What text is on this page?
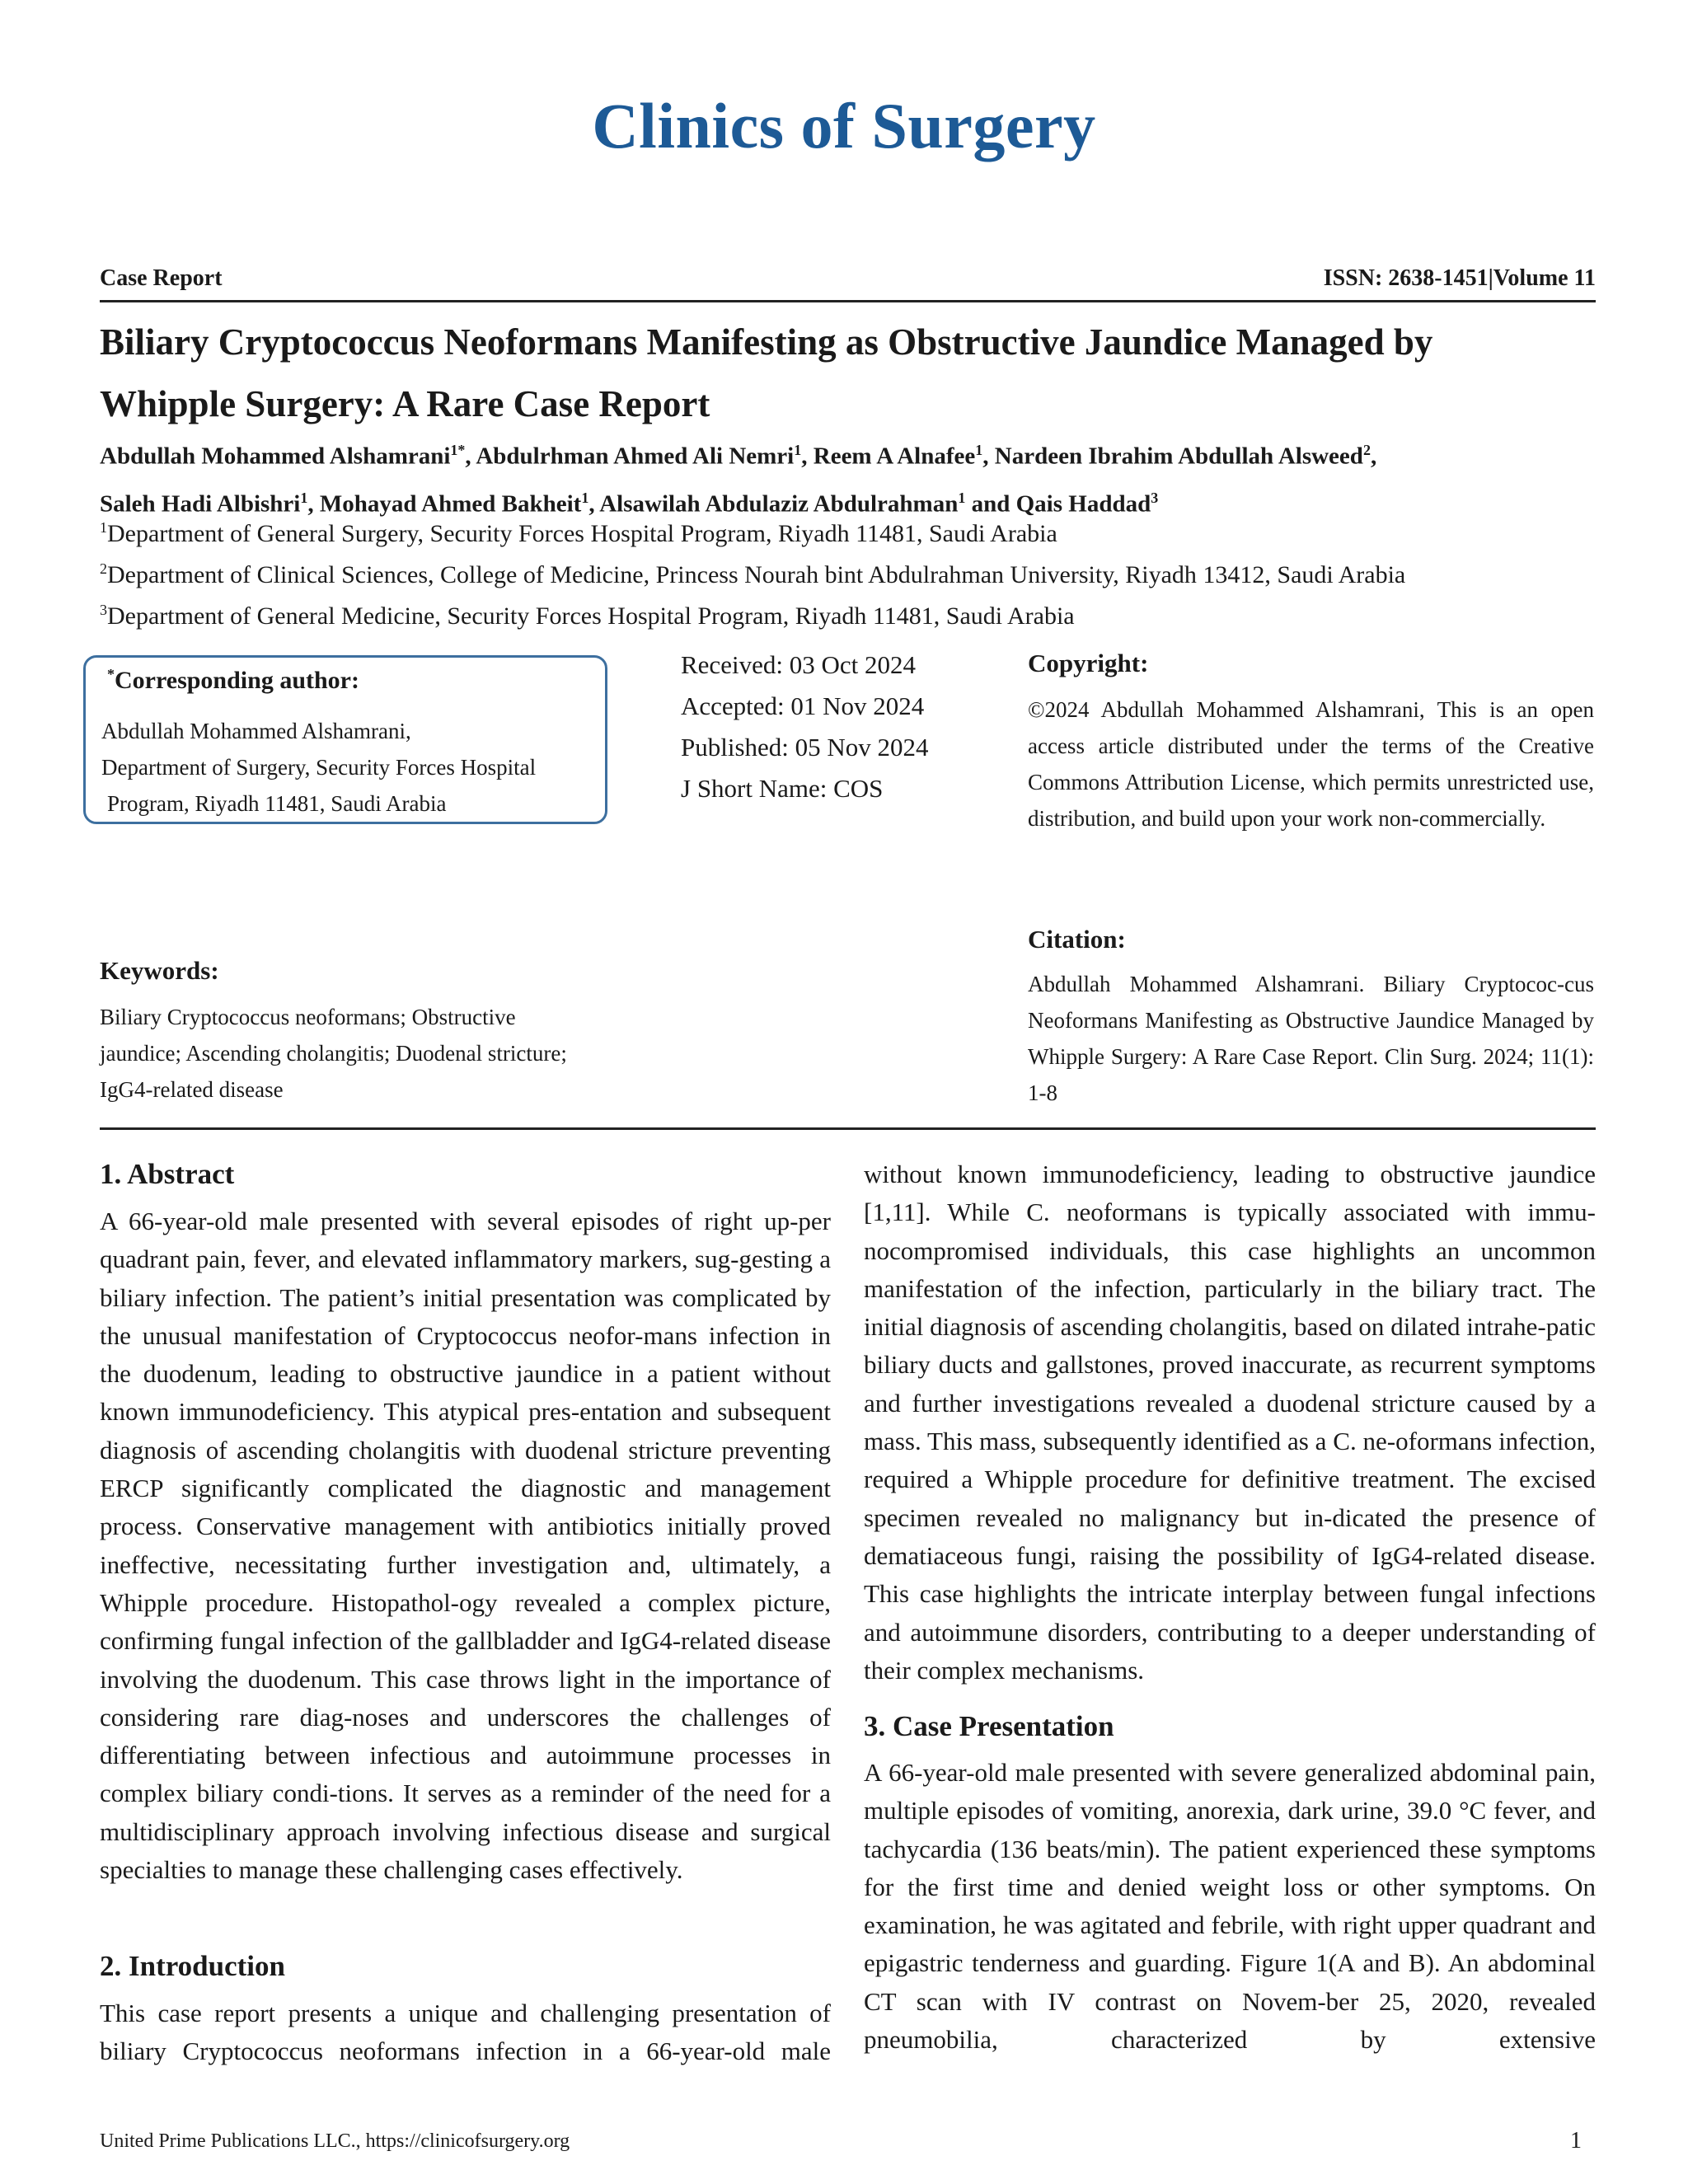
Clinics of Surgery
Case Report	ISSN: 2638-1451|Volume 11
Biliary Cryptococcus Neoformans Manifesting as Obstructive Jaundice Managed by
Whipple Surgery: A Rare Case Report
Abdullah Mohammed Alshamrani$^{1*}$, Abdulrhman Ahmed Ali Nemri$^1$, Reem A Alnafee$^1$, Nardeen Ibrahim Abdullah Alsweed$^2$,
Saleh Hadi Albishri$^1$, Mohayad Ahmed Bakheit$^1$, Alsawilah Abdulaziz Abdulrahman$^1$ and Qais Haddad$^3$
$^1$Department of General Surgery, Security Forces Hospital Program, Riyadh 11481, Saudi Arabia
$^2$Department of Clinical Sciences, College of Medicine, Princess Nourah bint Abdulrahman University, Riyadh 13412, Saudi Arabia
$^3$Department of General Medicine, Security Forces Hospital Program, Riyadh 11481, Saudi Arabia
*Corresponding author:
Abdullah Mohammed Alshamrani,
Department of Surgery, Security Forces Hospital
Program, Riyadh 11481, Saudi Arabia
Received: 03 Oct 2024
Accepted: 01 Nov 2024
Published: 05 Nov 2024
J Short Name: COS
Copyright:
©2024 Abdullah Mohammed Alshamrani, This is an open access article distributed under the terms of the Creative Commons Attribution License, which permits unrestricted use, distribution, and build upon your work non-commercially.
Citation:
Abdullah Mohammed Alshamrani. Biliary Cryptococ-cus Neoformans Manifesting as Obstructive Jaundice Managed by Whipple Surgery: A Rare Case Report. Clin Surg. 2024; 11(1): 1-8
Keywords:
Biliary Cryptococcus neoformans; Obstructive jaundice; Ascending cholangitis; Duodenal stricture; IgG4-related disease
1. Abstract
A 66-year-old male presented with several episodes of right up-per quadrant pain, fever, and elevated inflammatory markers, sug-gesting a biliary infection. The patient’s initial presentation was complicated by the unusual manifestation of Cryptococcus neofor-mans infection in the duodenum, leading to obstructive jaundice in a patient without known immunodeficiency. This atypical pres-entation and subsequent diagnosis of ascending cholangitis with duodenal stricture preventing ERCP significantly complicated the diagnostic and management process. Conservative management with antibiotics initially proved ineffective, necessitating further investigation and, ultimately, a Whipple procedure. Histopathol-ogy revealed a complex picture, confirming fungal infection of the gallbladder and IgG4-related disease involving the duodenum. This case throws light in the importance of considering rare diag-noses and underscores the challenges of differentiating between infectious and autoimmune processes in complex biliary condi-tions. It serves as a reminder of the need for a multidisciplinary approach involving infectious disease and surgical specialties to manage these challenging cases effectively.
2. Introduction
This case report presents a unique and challenging presentation of biliary Cryptococcus neoformans infection in a 66-year-old male
without known immunodeficiency, leading to obstructive jaundice [1,11]. While C. neoformans is typically associated with immu-nocompromised individuals, this case highlights an uncommon manifestation of the infection, particularly in the biliary tract. The initial diagnosis of ascending cholangitis, based on dilated intrahe-patic biliary ducts and gallstones, proved inaccurate, as recurrent symptoms and further investigations revealed a duodenal stricture caused by a mass. This mass, subsequently identified as a C. ne-oformans infection, required a Whipple procedure for definitive treatment. The excised specimen revealed no malignancy but in-dicated the presence of dematiaceous fungi, raising the possibility of IgG4-related disease. This case highlights the intricate interplay between fungal infections and autoimmune disorders, contributing to a deeper understanding of their complex mechanisms.
3. Case Presentation
A 66-year-old male presented with severe generalized abdominal pain, multiple episodes of vomiting, anorexia, dark urine, 39.0 °C fever, and tachycardia (136 beats/min). The patient experienced these symptoms for the first time and denied weight loss or other symptoms. On examination, he was agitated and febrile, with right upper quadrant and epigastric tenderness and guarding. Figure 1(A and B). An abdominal CT scan with IV contrast on Novem-ber 25, 2020, revealed pneumobilia, characterized by extensive
United Prime Publications LLC., https://clinicofsurgery.org	1
